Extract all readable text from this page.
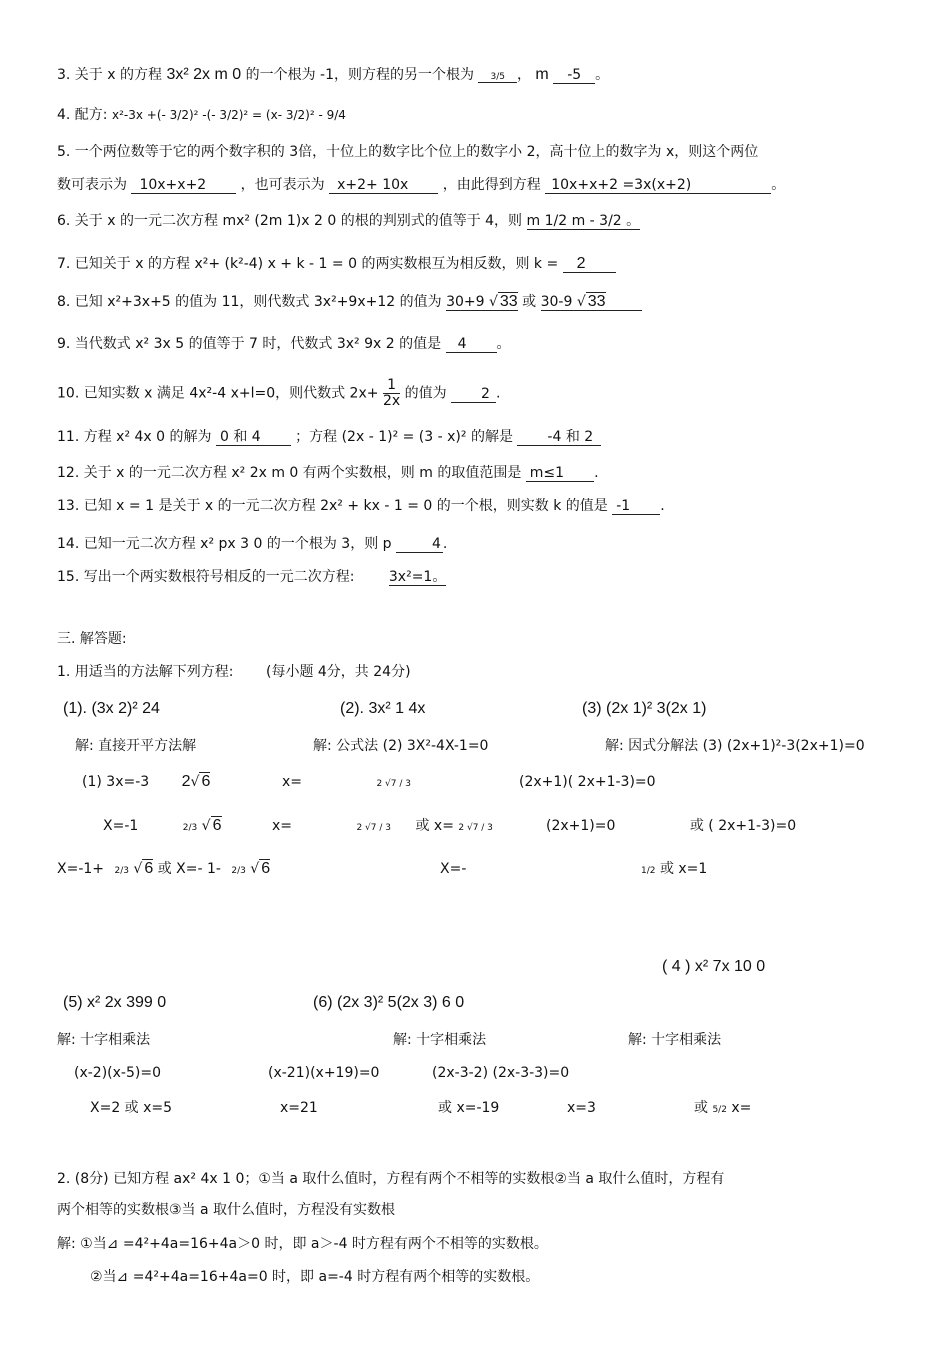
3. 关于 x 的方程 3x² 2x m 0 的一个根为 -1，则方程的另一个根为 3/5 ， m -5 。
4. 配方: x²-3x +(- 3/2)² -(- 3/2)² = (x- 3/2)² - 9/4
5. 一个两位数等于它的两个数字积的 3倍，十位上的数字比个位上的数字小 2，高十位上的数字为 x，则这个两位
数可表示为 10x+x+2 ，也可表示为 x+2+ 10x ，由此得到方程 10x+x+2 =3x(x+2)	。
6. 关于 x 的一元二次方程 mx² (2m 1)x 2 0 的根的判别式的值等于 4，则 m 1/2 m - 3/2 。
7. 已知关于 x 的方程 x²+ (k²-4) x + k - 1 = 0 的两实数根互为相反数，则 k = 2
8. 已知 x²+3x+5 的值为 11，则代数式 3x²+9x+12 的值为 30+9 √ 33 或 30-9 √ 33
9. 当代数式 x² 3x 5 的值等于 7 时，代数式 3x² 9x 2 的值是 4 。
10. 已知实数 x 满足 4x²-4 x+l=0，则代数式 $2x+ \frac{1}{2x}$ 的值为 2 .
11. 方程 x² 4x 0 的解为 0 和 4 ；方程 (2x - 1)² = (3 - x)² 的解是 -4 和 2
12. 关于 x 的一元二次方程 x² 2x m 0 有两个实数根，则 m 的取值范围是 m≤1 .
13. 已知 x = 1 是关于 x 的一元二次方程 2x² + kx - 1 = 0 的一个根，则实数 k 的值是 -1 .
14. 已知一元二次方程 x² px 3 0 的一个根为 3，则 p	4 .
15. 写出一个两实数根符号相反的一元二次方程: 3x²=1。
三. 解答题:
1. 用适当的方法解下列方程: (每小题 4分，共 24分)
(1). (3x 2)² 24	(2). 3x² 1 4x	(3) (2x 1)² 3(2x 1)
解: 直接开平方法解	解: 公式法 (2) 3X²-4X-1=0	解: 因式分解法 (3) (2x+1)²-3(2x+1)=0
(1) 3x=-3 2√ 6	x=	2 √7 / 3	(2x+1)( 2x+1-3)=0
X=-1	2/3 √ 6	x=	2 √7 / 3 或 x= 2 √7 / 3	(2x+1)=0	或 ( 2x+1-3)=0
X=-1+ 2/3 √ 6 或 X=- 1- 2/3 √ 6	X=-	1/2 或 x=1
( 4 ) x² 7x 10 0
(5) x² 2x 399 0	(6) (2x 3)² 5(2x 3) 6 0
解: 十字相乘法	解: 十字相乘法	解: 十字相乘法
(x-2)(x-5)=0	(x-21)(x+19)=0	(2x-3-2) (2x-3-3)=0
X=2 或 x=5	x=21	或 x=-19	x=3	或 5/2 x=
2. (8分) 已知方程 ax² 4x 1 0；①当 a 取什么值时，方程有两个不相等的实数根②当 a 取什么值时，方程有
两个相等的实数根③当 a 取什么值时，方程没有实数根
解: ①当⊿ =4²+4a=16+4a＞0 时，即 a＞-4 时方程有两个不相等的实数根。
②当⊿ =4²+4a=16+4a=0 时，即 a=-4 时方程有两个相等的实数根。
